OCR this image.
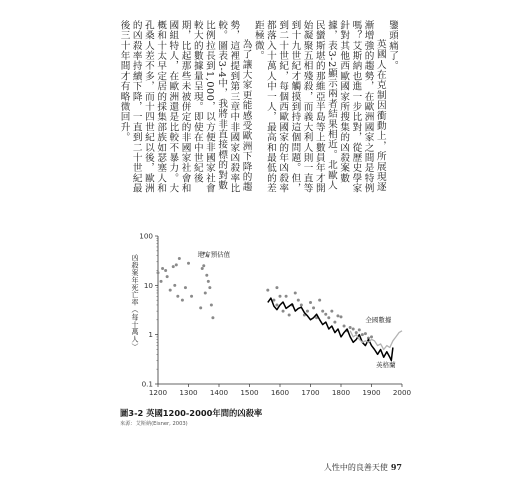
鑒頭痛了。

英國人在克制因衝動上，所展現逐漸增強的趨勢，在歐洲國家之間是特例嗎？艾斯納也進一步比對，從歷史學家針對其他西歐國家所搜集的凶殺案數據，表3-2顯示兩者結果相近。北歐人民蠻斯堪的那維亞半島等上數員年才開始凝聚五相殘殺，而義大利人則一直等到十九世紀才觸摸到持這個問題。但，到二十世紀，每個西歐國家的年凶殺率都落入十萬人中一人，最高和最低的差距極微。

為了讓大家更能感受歐洲下降的趨勢，這裡提到第三章中非國家凶殺率比較。圖表3-4中，我將非直接標的對數比例拉長到1,000，以方便非國家社會較大的數據量呈現。即使在中世紀後期，比起那些未被併定的非國家社會和國組特人，在歐洲還是比較不暴力。大概和十太早定居的採集部族如瑟塞人和孔桑人差不多，而十四世紀以後，歐洲的凶殺率持續下降，一直到二十世紀最後三十年間才有略微回升。

0.1
1
10
100
1200 1300 1400 1500 1600 1700 1800 1900 2000
地方預估值
全國數據
英格蘭
凶殺案年死亡率（每十萬人）
圖3-2 英國1200-2000年間的凶殺率
來源：艾斯納(Eisner, 2003)
人性中的良善天使 97
